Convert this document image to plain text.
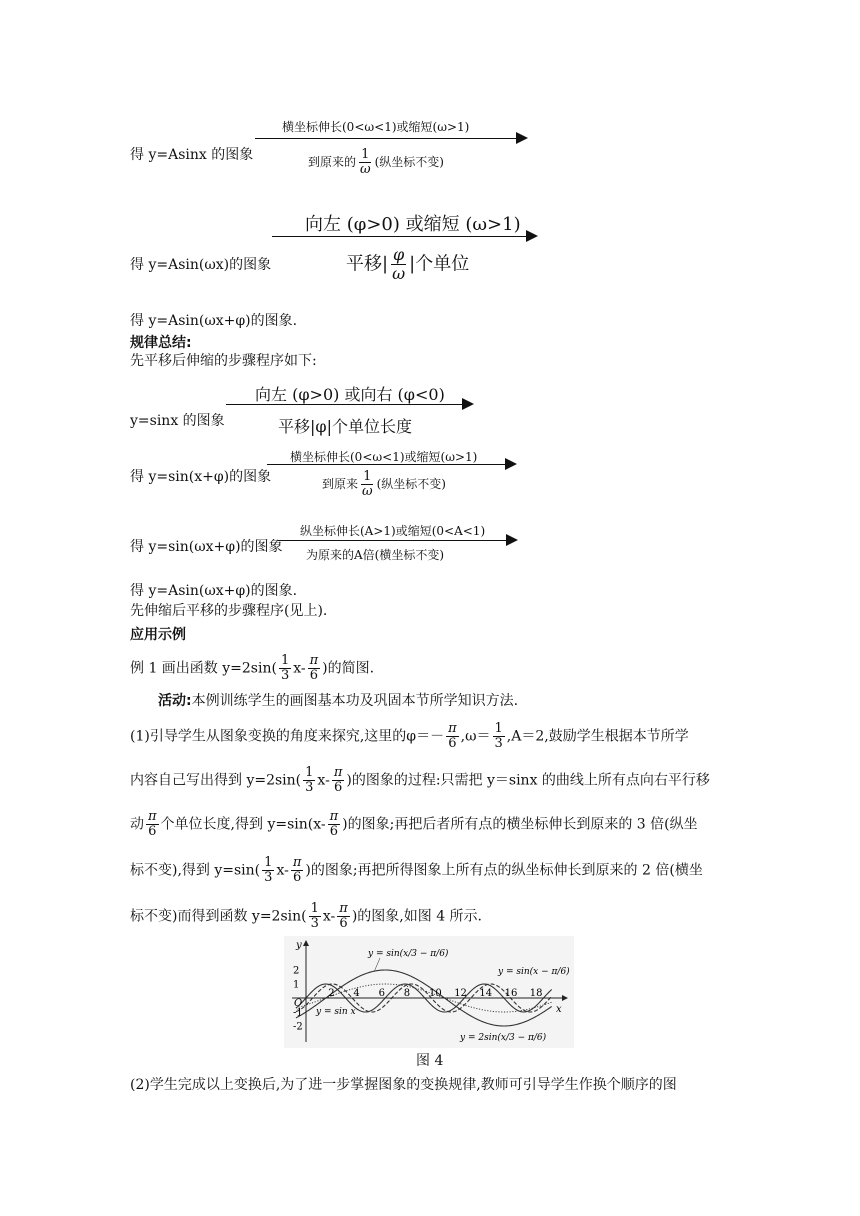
得 y=Asinx 的图象
横坐标伸长(0<ω<1)或缩短(ω>1)
到原来的 $\frac{1}{\omega}$ (纵坐标不变)
得 y=Asin(ωx)的图象
向左 (φ>0) 或缩短 (ω>1)
平移| $\frac{\varphi}{\omega}$ |个单位
得 y=Asin(ωx+φ)的图象.
规律总结:
先平移后伸缩的步骤程序如下:
y=sinx 的图象
向左 (φ>0) 或向右 (φ<0)
平移|φ|个单位长度
得 y=sin(x+φ)的图象
横坐标伸长(0<ω<1)或缩短(ω>1)
到原来 $\frac{1}{\omega}$ (纵坐标不变)
得 y=sin(ωx+φ)的图象
纵坐标伸长(A>1)或缩短(0<A<1)
为原来的A倍(横坐标不变)
得 y=Asin(ωx+φ)的图象.
先伸缩后平移的步骤程序(见上).
应用示例
例 1 画出函数 $y=2\sin( \frac{1}{3} x- \frac{\pi}{6}$ )的简图.
活动:本例训练学生的画图基本功及巩固本节所学知识方法.
(1)引导学生从图象变换的角度来探究,这里的$\varphi=- \frac{\pi}{6} ,\omega= \frac{1}{3} ,A=2$,鼓励学生根据本节所学
内容自己写出得到 $y=2\sin( \frac{1}{3} x- \frac{\pi}{6}$ )的图象的过程:只需把 y＝sinx 的曲线上所有点向右平行移
动 $\frac{\pi}{6}$ 个单位长度,得到 $y=\sin(x- \frac{\pi}{6}$ )的图象;再把后者所有点的横坐标伸长到原来的 3 倍(纵坐
标不变),得到 $y=\sin( \frac{1}{3} x- \frac{\pi}{6}$ )的图象;再把所得图象上所有点的纵坐标伸长到原来的 2 倍(横坐
标不变)而得到函数 $y=2\sin( \frac{1}{3} x- \frac{\pi}{6}$ )的图象,如图 4 所示.
y
x
O
2
1
-1
-2
2 4 6 8 10 12 14 16 18
y = sin(x/3 − π/6)
y = sin(x − π/6)
y = sin x
y = 2sin(x/3 − π/6)
图 4
(2)学生完成以上变换后,为了进一步掌握图象的变换规律,教师可引导学生作换个顺序的图
